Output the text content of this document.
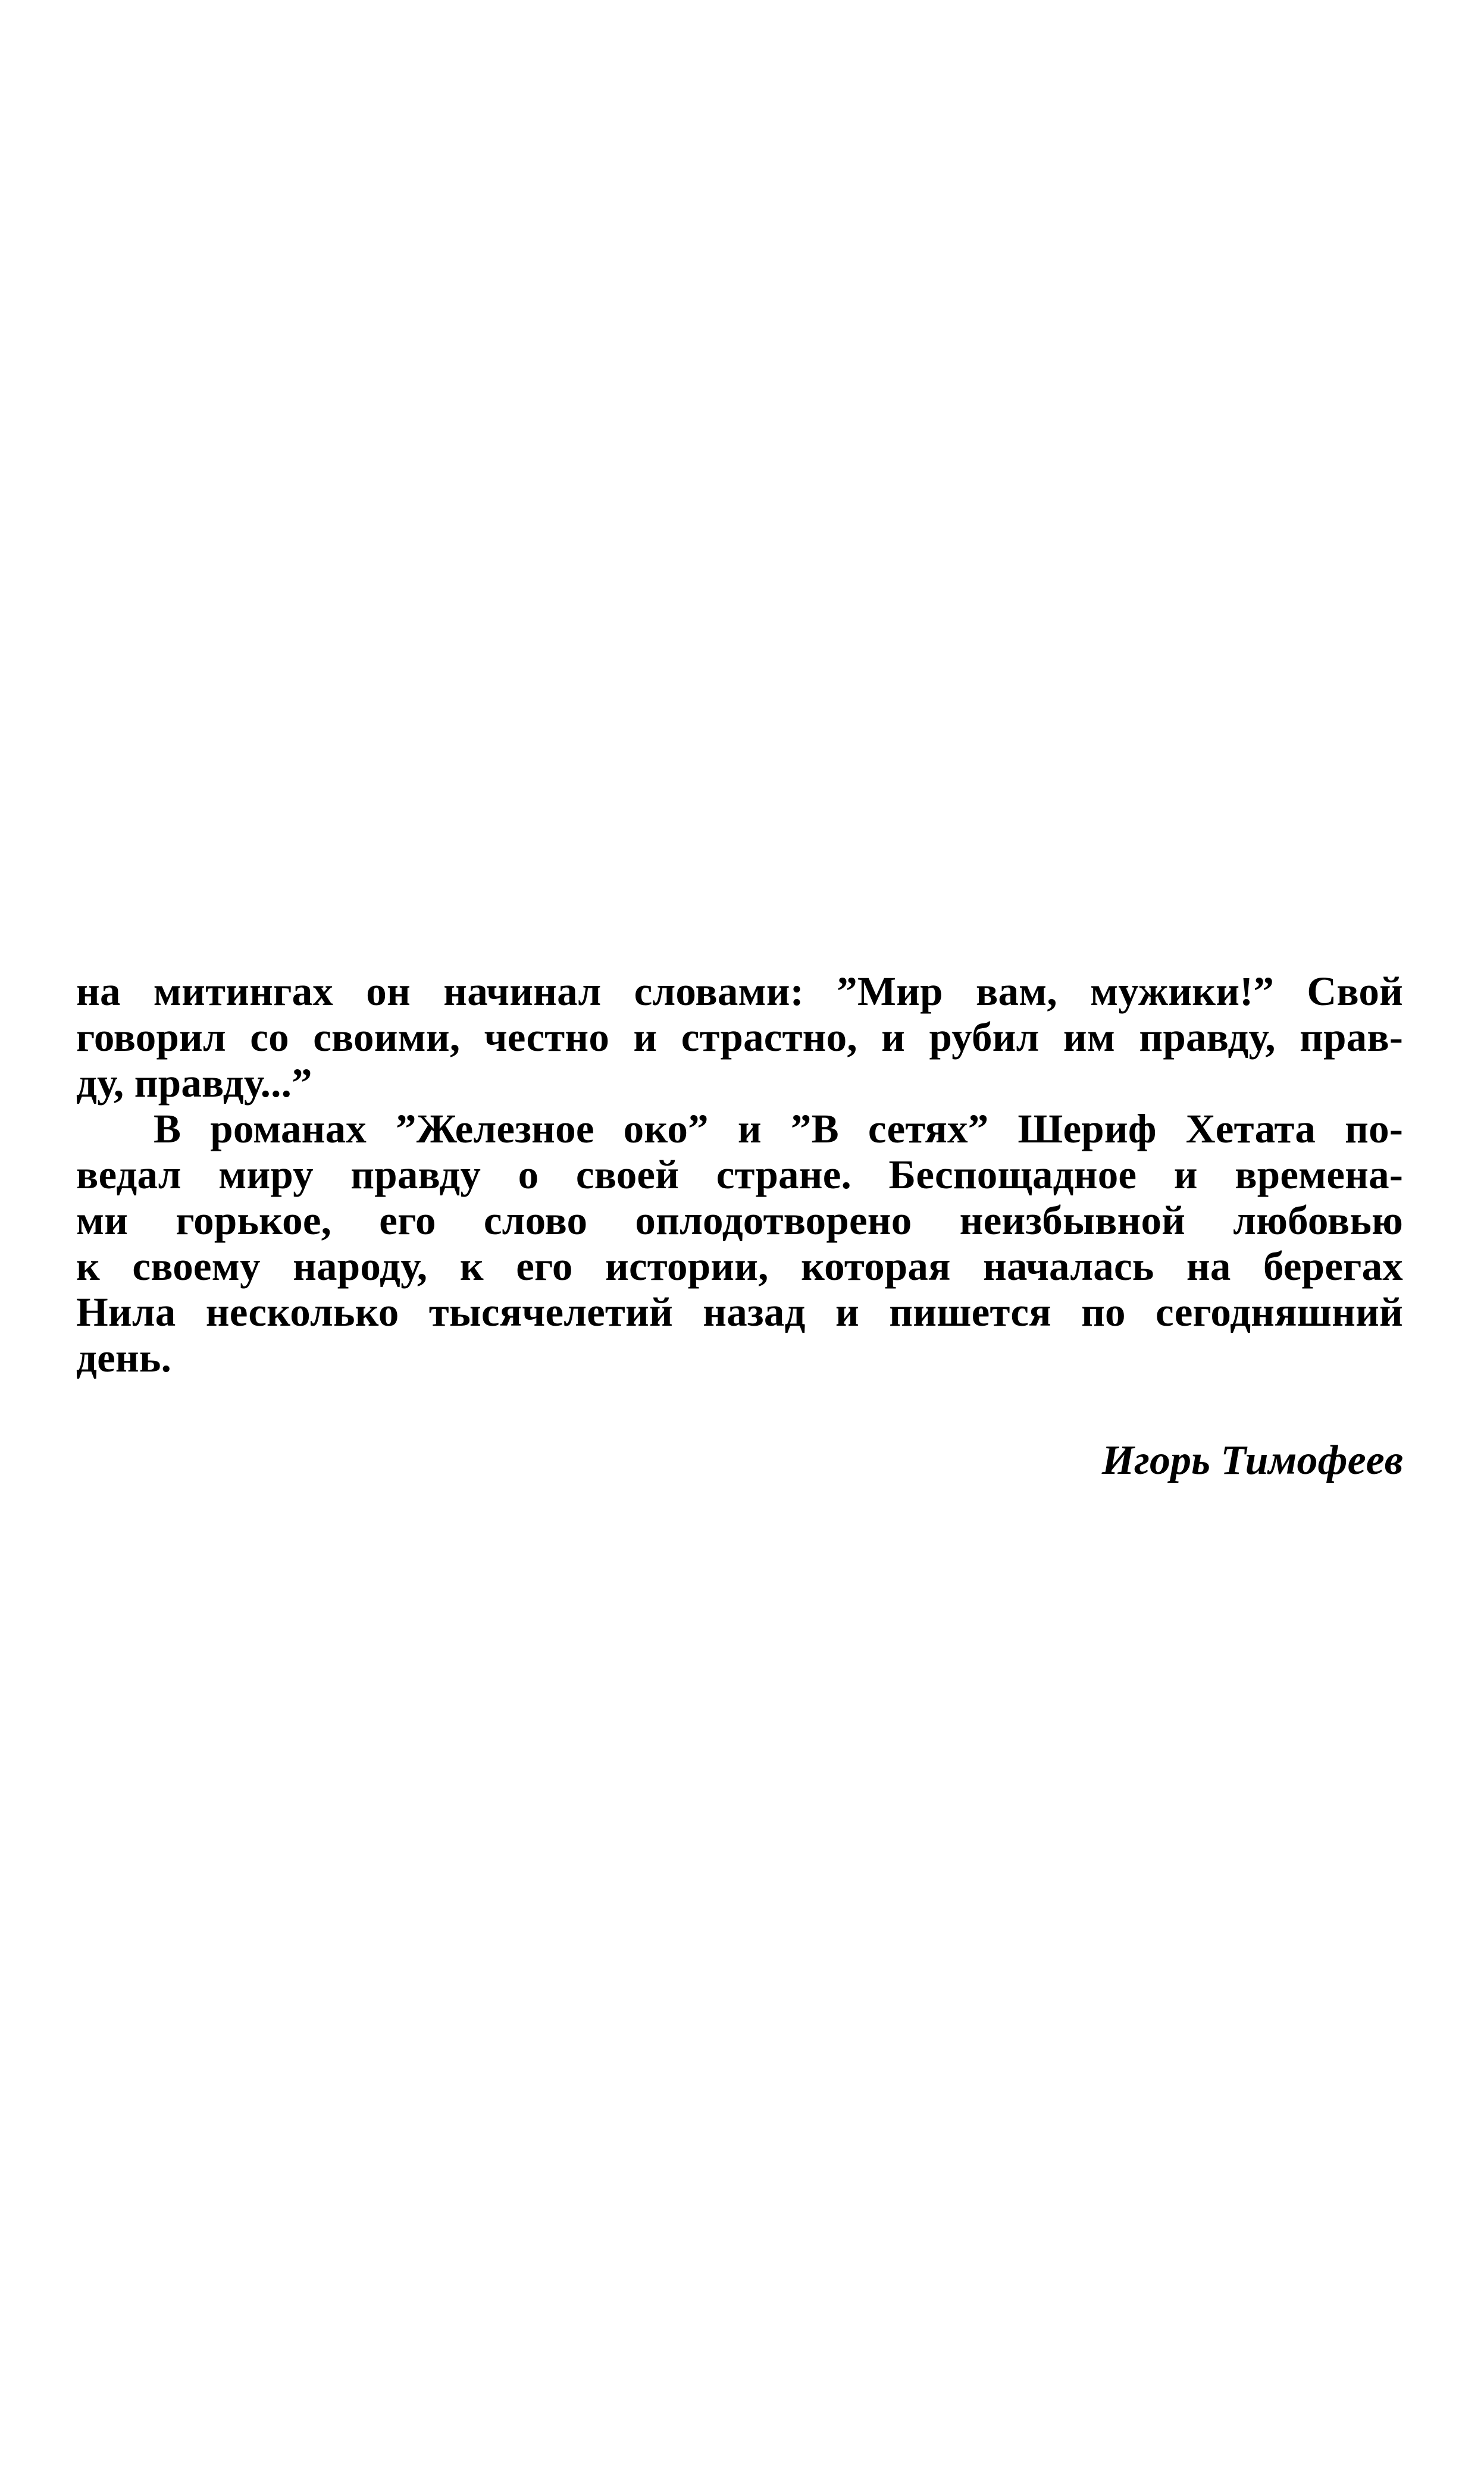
на митингах он начинал словами: ”Мир вам, мужики!” Свой
говорил со своими, честно и страстно, и рубил им правду, прав-
ду, правду...”
В романах ”Железное око” и ”В сетях” Шериф Хетата по-
ведал миру правду о своей стране. Беспощадное и времена-
ми горькое, его слово оплодотворено неизбывной любовью
к своему народу, к его истории, которая началась на берегах
Нила несколько тысячелетий назад и пишется по сегодняшний
день.
Игорь Тимофеев
